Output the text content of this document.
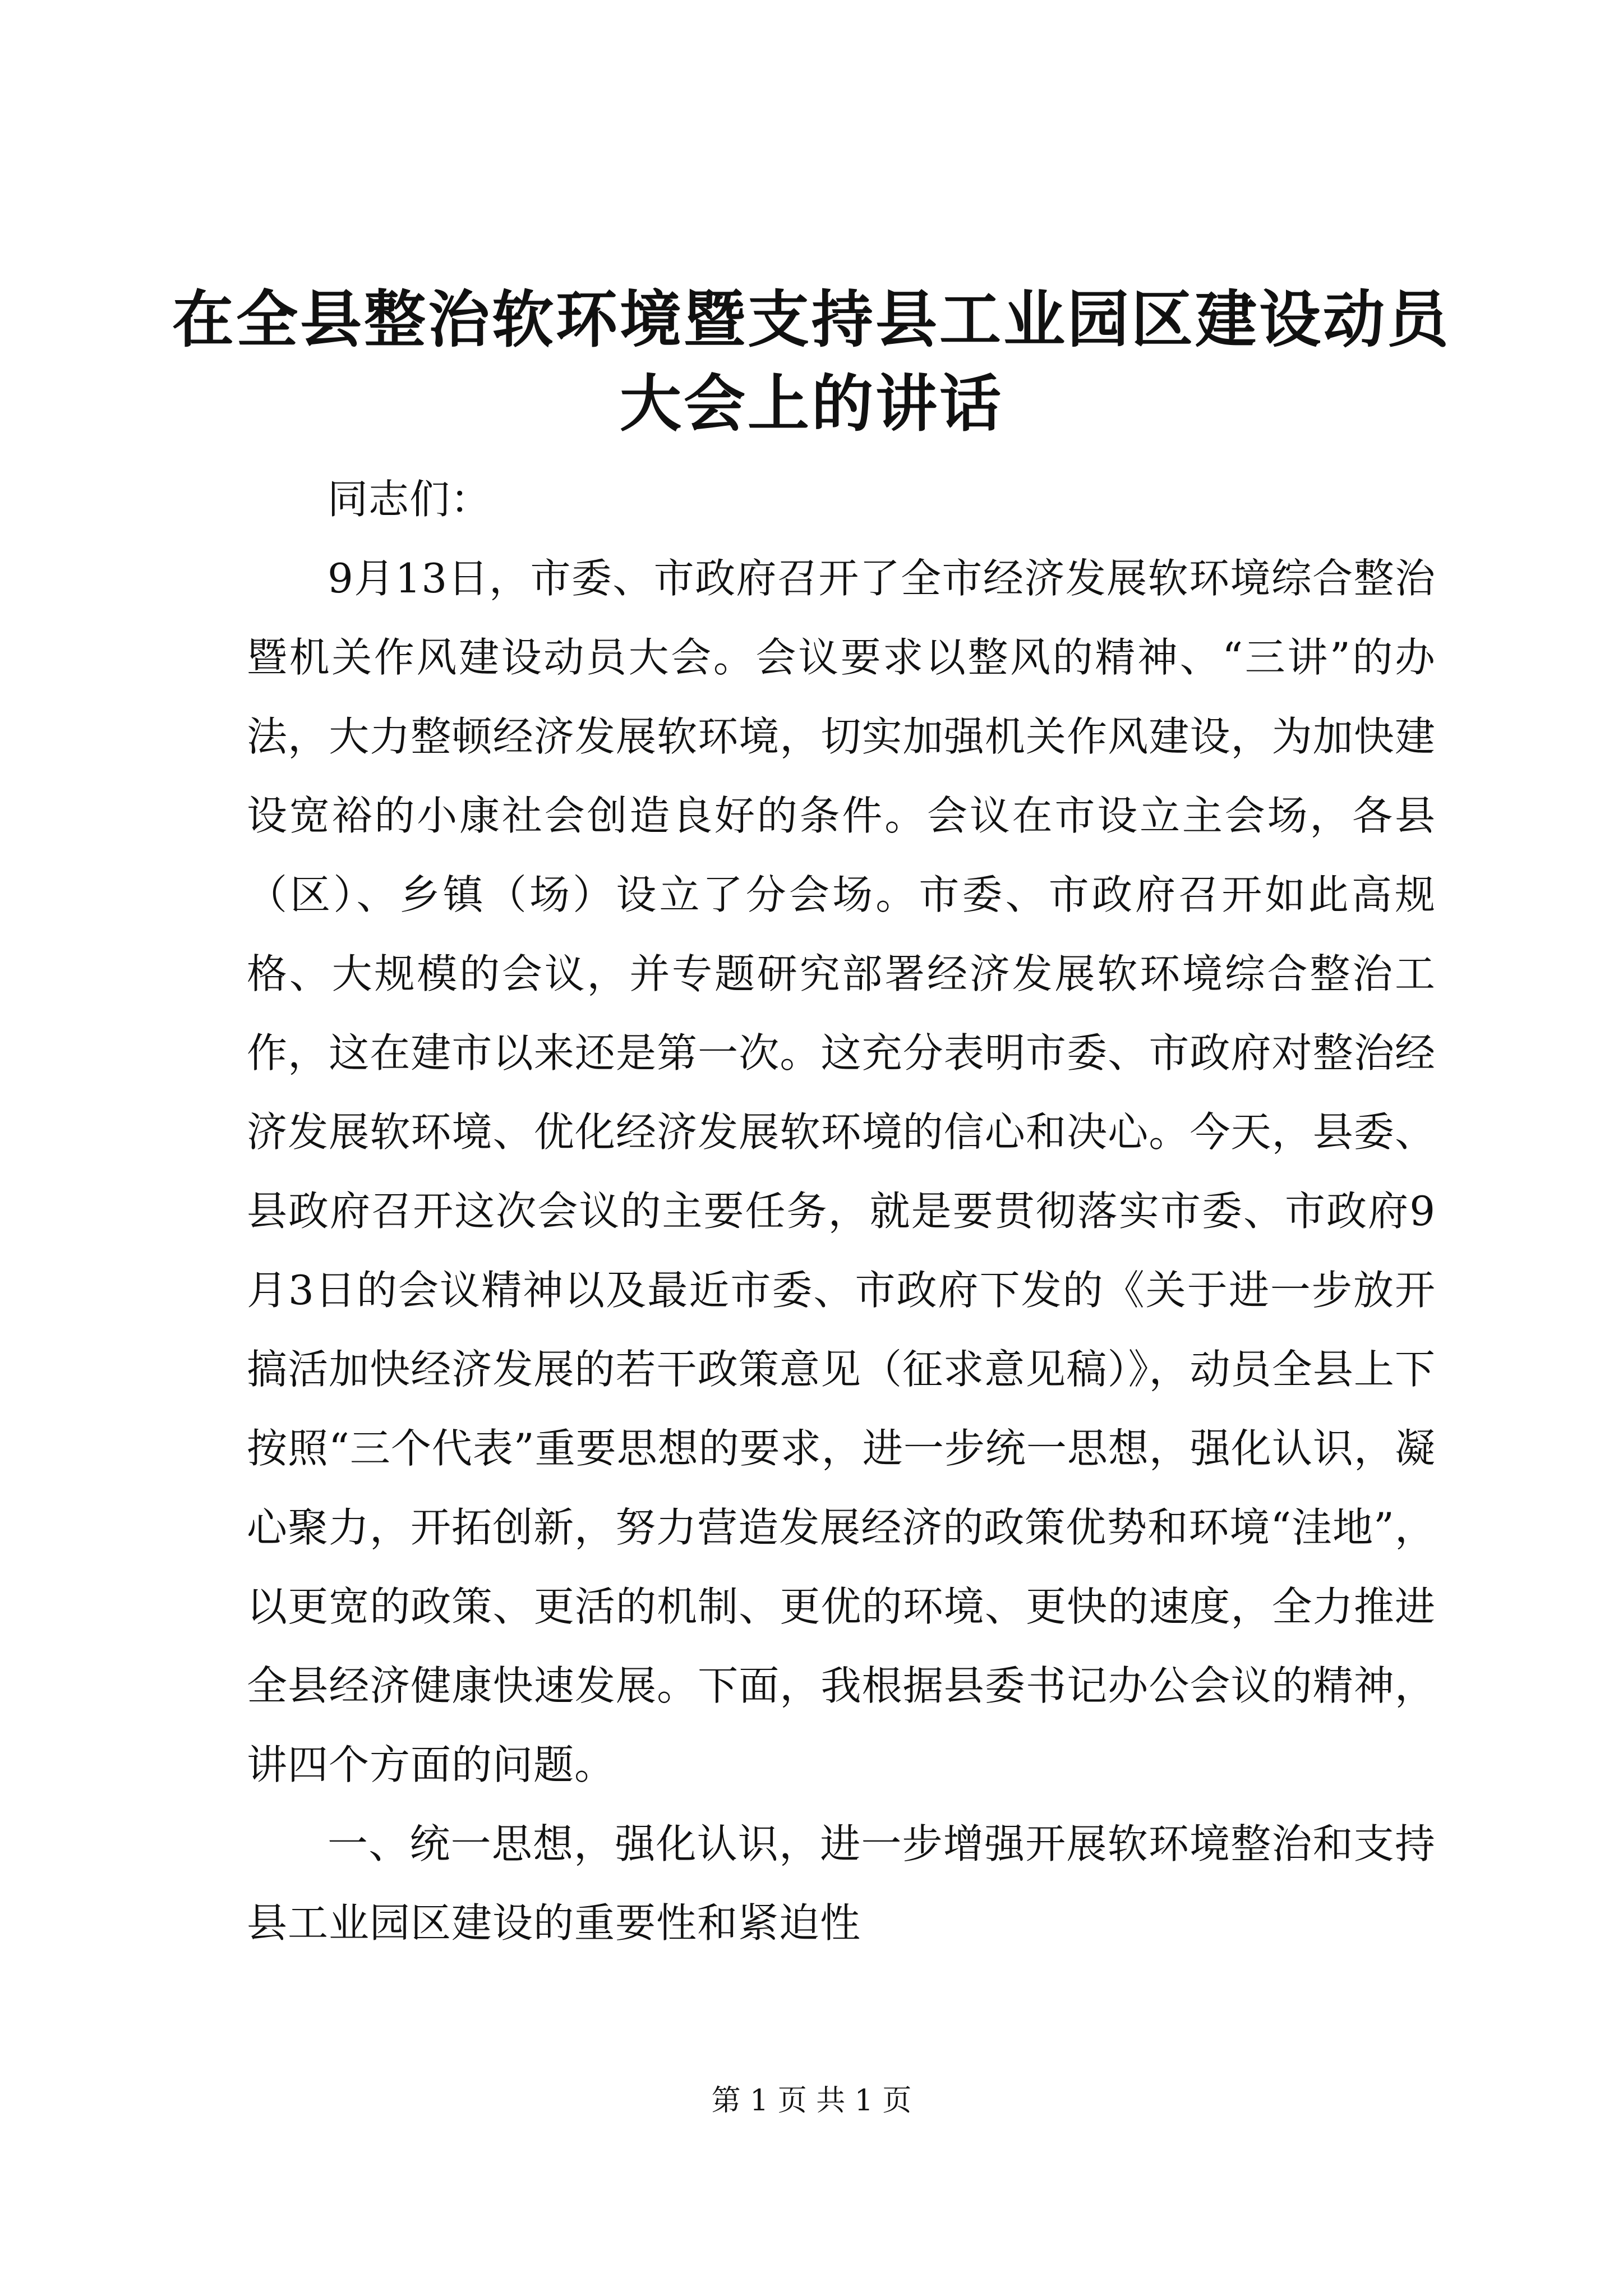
在全县整治软环境暨支持县工业园区建设动员大会上的讲话

同志们：

9月13日，市委、市政府召开了全市经济发展软环境综合整治暨机关作风建设动员大会。会议要求以整风的精神、“三讲”的办法，大力整顿经济发展软环境，切实加强机关作风建设，为加快建设宽裕的小康社会创造良好的条件。会议在市设立主会场，各县（区）、乡镇（场）设立了分会场。市委、市政府召开如此高规格、大规模的会议，并专题研究部署经济发展软环境综合整治工作，这在建市以来还是第一次。这充分表明市委、市政府对整治经济发展软环境、优化经济发展软环境的信心和决心。今天，县委、县政府召开这次会议的主要任务，就是要贯彻落实市委、市政府9月3日的会议精神以及最近市委、市政府下发的《关于进一步放开搞活加快经济发展的若干政策意见（征求意见稿）》，动员全县上下按照“三个代表”重要思想的要求，进一步统一思想，强化认识，凝心聚力，开拓创新，努力营造发展经济的政策优势和环境“洼地”，以更宽的政策、更活的机制、更优的环境、更快的速度，全力推进全县经济健康快速发展。下面，我根据县委书记办公会议的精神，讲四个方面的问题。

一、统一思想，强化认识，进一步增强开展软环境整治和支持县工业园区建设的重要性和紧迫性

第 1 页 共 1 页
